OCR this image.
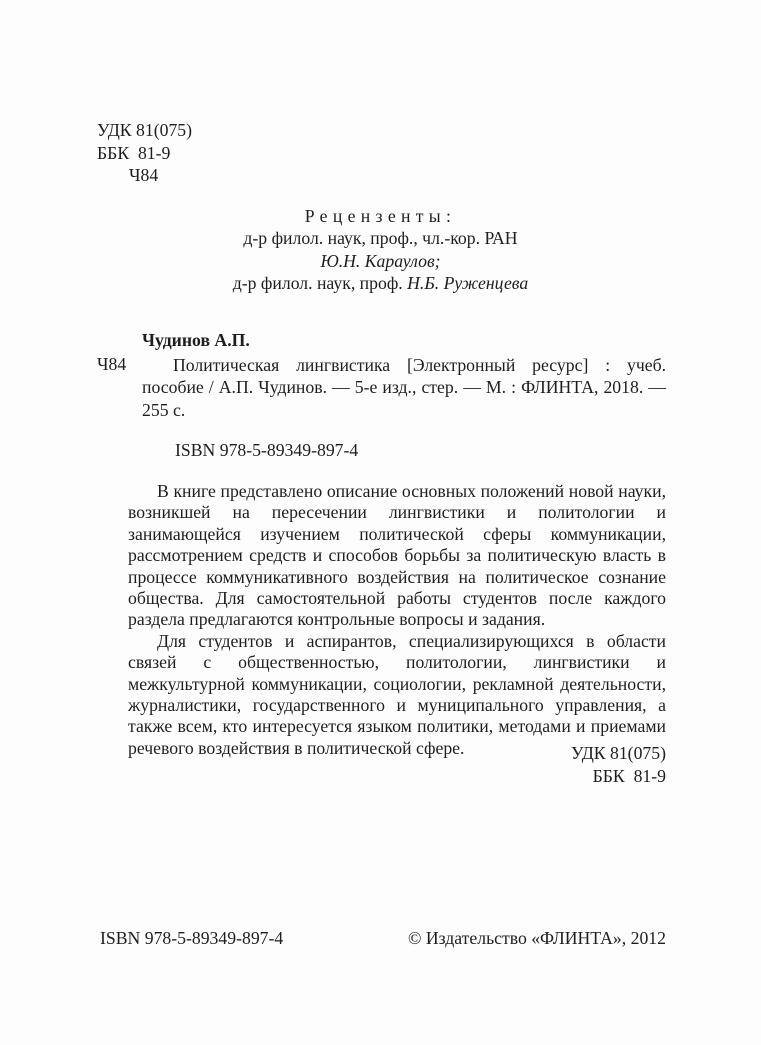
УДК 81(075)
ББК  81-9
Ч84
Рецензенты:
д-р филол. наук, проф., чл.-кор. РАН
Ю.Н. Караулов;
д-р филол. наук, проф. Н.Б. Руженцева
Чудинов А.П.
Ч84	Политическая лингвистика [Электронный ресурс] : учеб. пособие / А.П. Чудинов. — 5-е изд., стер. — М. : ФЛИНТА, 2018. — 255 с.

ISBN 978-5-89349-897-4

В книге представлено описание основных положений новой науки, возникшей на пересечении лингвистики и политологии и занимающейся изучением политической сферы коммуникации, рассмотрением средств и способов борьбы за политическую власть в процессе коммуникативного воздействия на политическое сознание общества. Для самостоятельной работы студентов после каждого раздела предлагаются контрольные вопросы и задания.

Для студентов и аспирантов, специализирующихся в области связей с общественностью, политологии, лингвистики и межкультурной коммуникации, социологии, рекламной деятельности, журналистики, государственного и муниципального управления, а также всем, кто интересуется языком политики, методами и приемами речевого воздействия в политической сфере.	УДК 81(075)
ББК  81-9
ISBN 978-5-89349-897-4	© Издательство «ФЛИНТА», 2012
